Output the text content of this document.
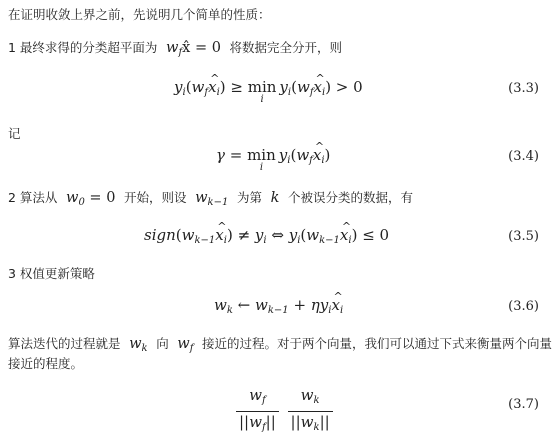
在证明收敛上界之前，先说明几个简单的性质：
1 最终求得的分类超平面为 $w_fx̂ = 0$ 将数据完全分开，则
$y_i(w_fx$ $\^{}_i) \ge \min$
i
$y_i(w_fx$ $\^{}_i) > 0$	(3.3)
记
γ = min
i
$y_i(w_fx$ $\^{}_i$)	(3.4)
2 算法从 $w_0 = 0$ 开始，则设 $w_{k-1}$ 为第 k 个被误分类的数据，有
$sign(w_{k-1}x$ $\^{}_i) \ne y_i$ ⇔ $y_i(w_{k-1}x$ $\^{}_i) \le 0$	(3.5)
3 权值更新策略
$w_k$ ← $w_{k-1} + \eta y_ix$ $\^{}_i$	(3.6)
算法迭代的过程就是 $w_k$ 向 $w_f$ 接近的过程。对于两个向量，我们可以通过下式来衡量两个向量
接近的程度。
$\frac{w_f}{||w_f||}$
$\frac{w_k}{||w_k||}$	(3.7)
